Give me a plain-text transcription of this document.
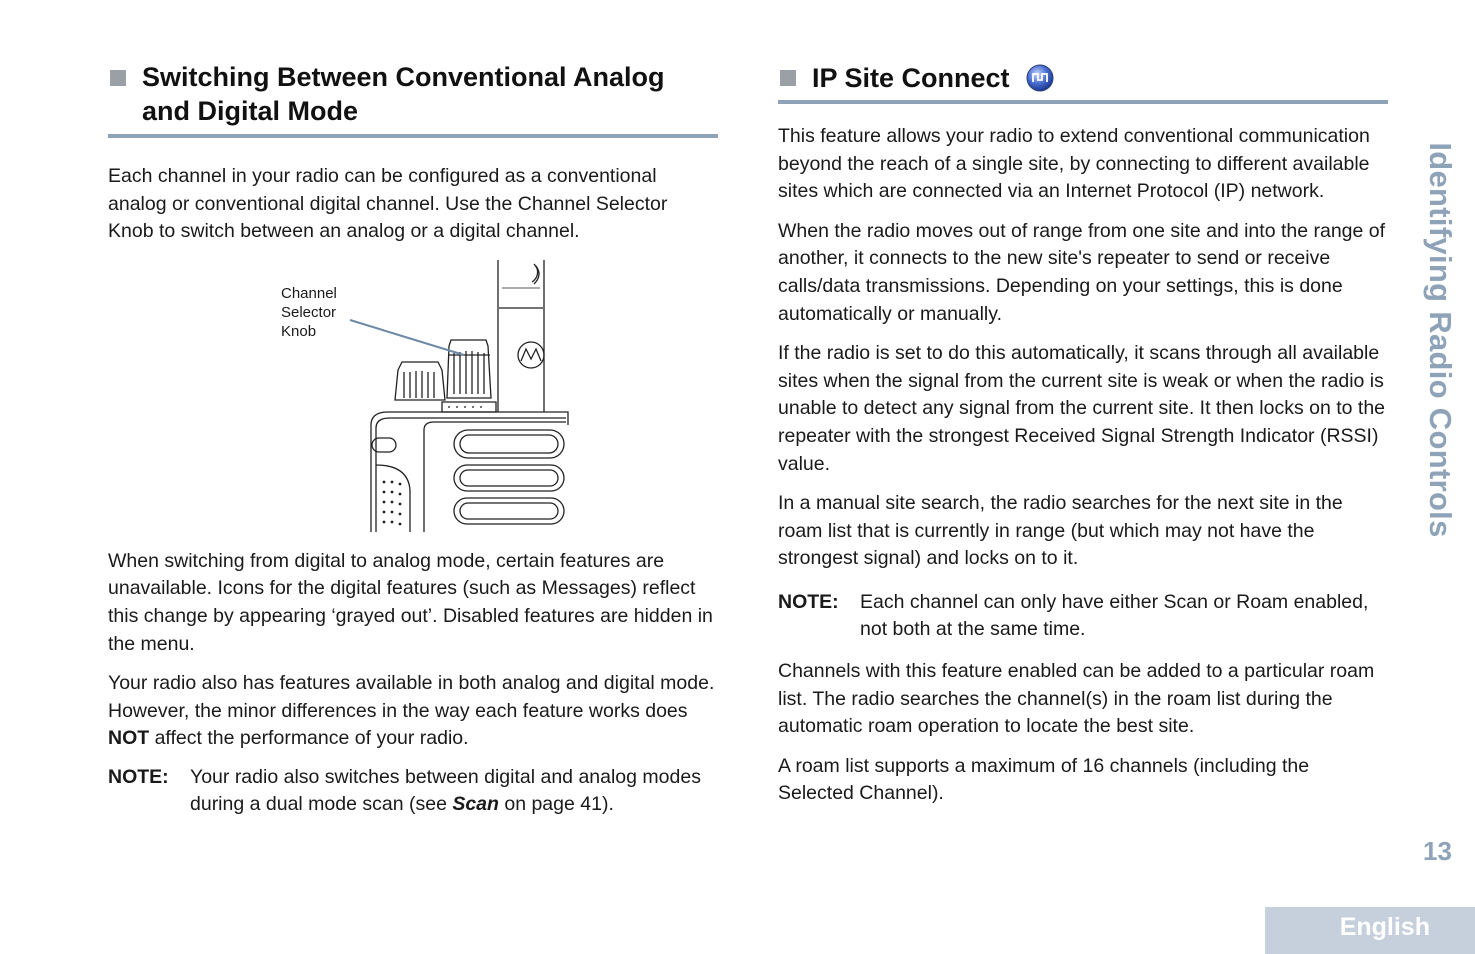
Switching Between Conventional Analog and Digital Mode

Each channel in your radio can be configured as a conventional analog or conventional digital channel. Use the Channel Selector Knob to switch between an analog or a digital channel.

Channel
Selector
Knob

When switching from digital to analog mode, certain features are unavailable. Icons for the digital features (such as Messages) reflect this change by appearing ‘grayed out’. Disabled features are hidden in the menu.

Your radio also has features available in both analog and digital mode. However, the minor differences in the way each feature works does NOT affect the performance of your radio.

NOTE:	Your radio also switches between digital and analog modes during a dual mode scan (see Scan on page 41).
IP Site Connect

This feature allows your radio to extend conventional communication beyond the reach of a single site, by connecting to different available sites which are connected via an Internet Protocol (IP) network.

When the radio moves out of range from one site and into the range of another, it connects to the new site's repeater to send or receive calls/data transmissions. Depending on your settings, this is done automatically or manually.

If the radio is set to do this automatically, it scans through all available sites when the signal from the current site is weak or when the radio is unable to detect any signal from the current site. It then locks on to the repeater with the strongest Received Signal Strength Indicator (RSSI) value.

In a manual site search, the radio searches for the next site in the roam list that is currently in range (but which may not have the strongest signal) and locks on to it.

NOTE:	Each channel can only have either Scan or Roam enabled, not both at the same time.

Channels with this feature enabled can be added to a particular roam list. The radio searches the channel(s) in the roam list during the automatic roam operation to locate the best site.

A roam list supports a maximum of 16 channels (including the Selected Channel).

Identifying Radio Controls
13
English
